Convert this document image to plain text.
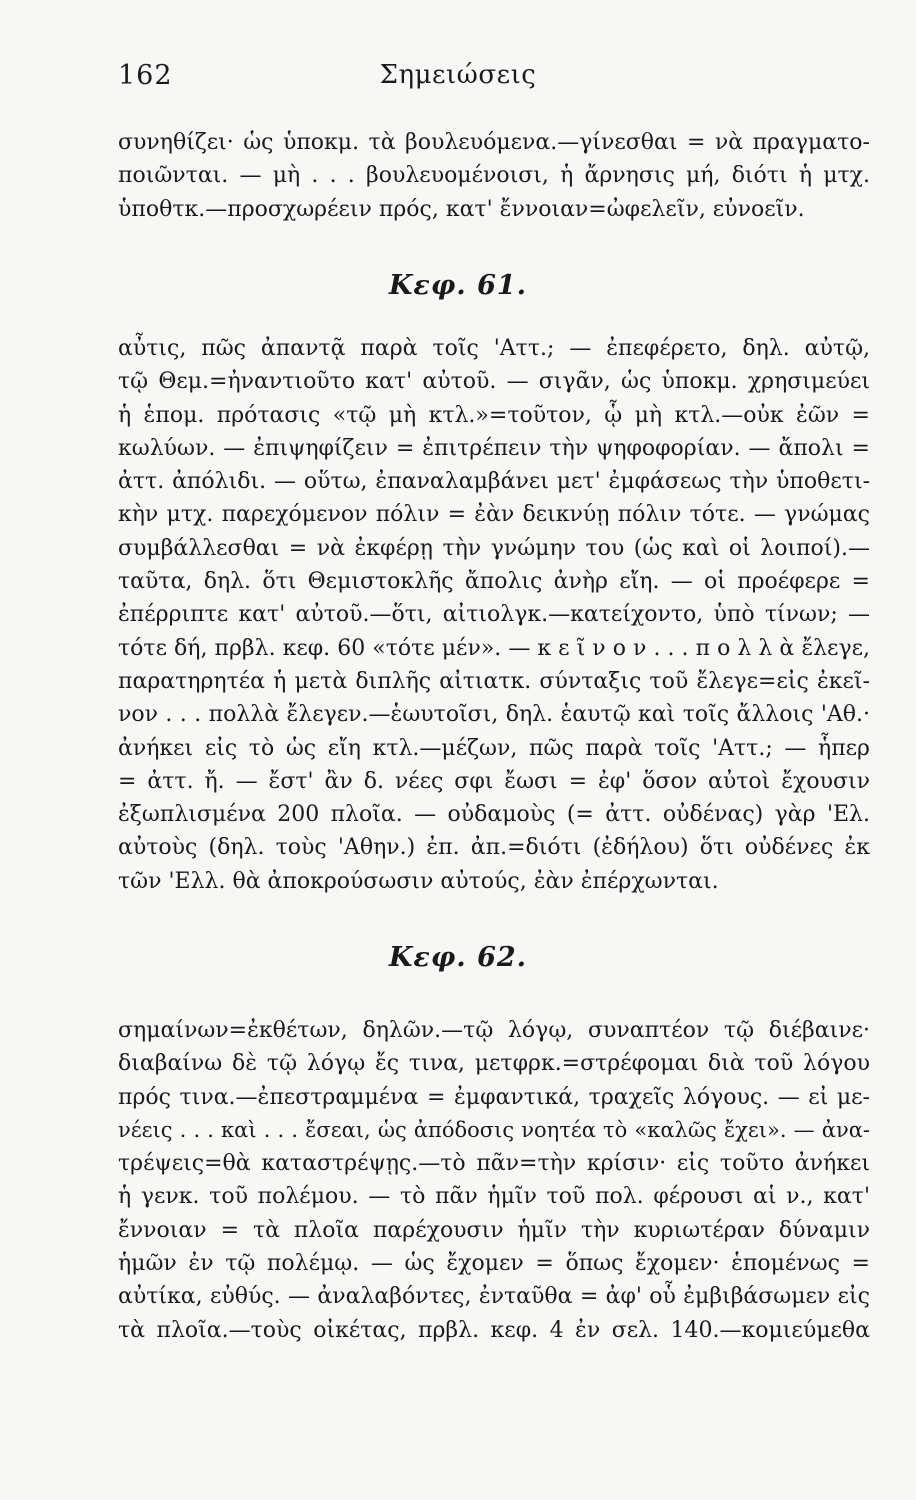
162	Σημειώσεις
συνηθίζει· ὡς ὑποκμ. τὰ βουλευόμενα.—γίνεσθαι = νὰ πραγματο-
ποιῶνται. — μὴ . . . βουλευομένοισι, ἡ ἄρνησις μή, διότι ἡ μτχ.
ὑποθτκ.—προσχωρέειν πρός, κατ' ἔννοιαν=ὠφελεῖν, εὐνοεῖν.
Κεφ. 61.
αὖτις, πῶς ἀπαντᾷ παρὰ τοῖς 'Αττ.; — ἐπεφέρετο, δηλ. αὐτῷ,
τῷ Θεμ.=ἠναντιοῦτο κατ' αὐτοῦ. — σιγᾶν, ὡς ὑποκμ. χρησιμεύει
ἡ ἑπομ. πρότασις «τῷ μὴ κτλ.»=τοῦτον, ᾧ μὴ κτλ.—οὐκ ἐῶν =
κωλύων. — ἐπιψηφίζειν = ἐπιτρέπειν τὴν ψηφοφορίαν. — ἄπολι =
ἀττ. ἀπόλιδι. — οὕτω, ἐπαναλαμβάνει μετ' ἐμφάσεως τὴν ὑποθετι-
κὴν μτχ. παρεχόμενον πόλιν = ἐὰν δεικνύῃ πόλιν τότε. — γνώμας
συμβάλλεσθαι = νὰ ἐκφέρῃ τὴν γνώμην του (ὡς καὶ οἱ λοιποί).—
ταῦτα, δηλ. ὅτι Θεμιστοκλῆς ἄπολις ἀνὴρ εἴη. — οἱ προέφερε =
ἐπέρριπτε κατ' αὐτοῦ.—ὅτι, αἰτιολγκ.—κατείχοντο, ὑπὸ τίνων; —
τότε δή, πρβλ. κεφ. 60 «τότε μέν». — κ ε ῖ ν ο ν . . . π ο λ λ ὰ ἔλεγε,
παρατηρητέα ἡ μετὰ διπλῆς αἰτιατκ. σύνταξις τοῦ ἔλεγε=εἰς ἐκεῖ-
νον . . . πολλὰ ἔλεγεν.—ἑωυτοῖσι, δηλ. ἑαυτῷ καὶ τοῖς ἄλλοις 'Αθ.·
ἀνήκει εἰς τὸ ὡς εἴη κτλ.—μέζων, πῶς παρὰ τοῖς 'Αττ.; — ἧπερ
= ἀττ. ἤ. — ἔστ' ἂν δ. νέες σφι ἔωσι = ἐφ' ὅσον αὐτοὶ ἔχουσιν
ἐξωπλισμένα 200 πλοῖα. — οὐδαμοὺς (= ἀττ. οὐδένας) γὰρ 'Ελ.
αὐτοὺς (δηλ. τοὺς 'Αθην.) ἐπ. ἀπ.=διότι (ἐδήλου) ὅτι οὐδένες ἐκ
τῶν 'Ελλ. θὰ ἀποκρούσωσιν αὐτούς, ἐὰν ἐπέρχωνται.
Κεφ. 62.
σημαίνων=ἐκθέτων, δηλῶν.—τῷ λόγῳ, συναπτέον τῷ διέβαινε·
διαβαίνω δὲ τῷ λόγῳ ἔς τινα, μετφρκ.=στρέφομαι διὰ τοῦ λόγου
πρός τινα.—ἐπεστραμμένα = ἐμφαντικά, τραχεῖς λόγους. — εἰ με-
νέεις . . . καὶ . . . ἔσεαι, ὡς ἀπόδοσις νοητέα τὸ «καλῶς ἔχει». — ἀνα-
τρέψεις=θὰ καταστρέψῃς.—τὸ πᾶν=τὴν κρίσιν· εἰς τοῦτο ἀνήκει
ἡ γενκ. τοῦ πολέμου. — τὸ πᾶν ἡμῖν τοῦ πολ. φέρουσι αἱ ν., κατ'
ἔννοιαν = τὰ πλοῖα παρέχουσιν ἡμῖν τὴν κυριωτέραν δύναμιν
ἡμῶν ἐν τῷ πολέμῳ. — ὡς ἔχομεν = ὅπως ἔχομεν· ἑπομένως =
αὐτίκα, εὐθύς. — ἀναλαβόντες, ἐνταῦθα = ἀφ' οὗ ἐμβιβάσωμεν εἰς
τὰ πλοῖα.—τοὺς οἰκέτας, πρβλ. κεφ. 4 ἐν σελ. 140.—κομιεύμεθα
